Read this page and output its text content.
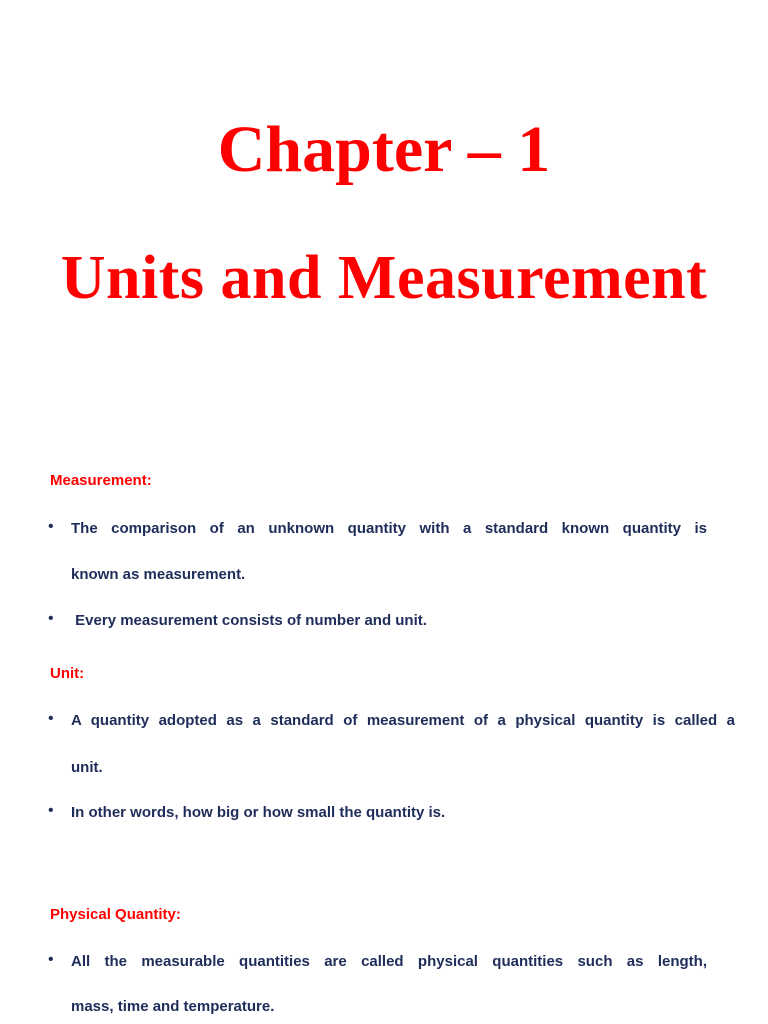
Chapter – 1
Units and Measurement
Measurement:
• The comparison of an unknown quantity with a standard known quantity is

known as measurement.

• Every measurement consists of number and unit.

Unit:
• A quantity adopted as a standard of measurement of a physical quantity is called a

unit.

• In other words, how big or how small the quantity is.

Physical Quantity:
• All the measurable quantities are called physical quantities such as length,

mass, time and temperature.
